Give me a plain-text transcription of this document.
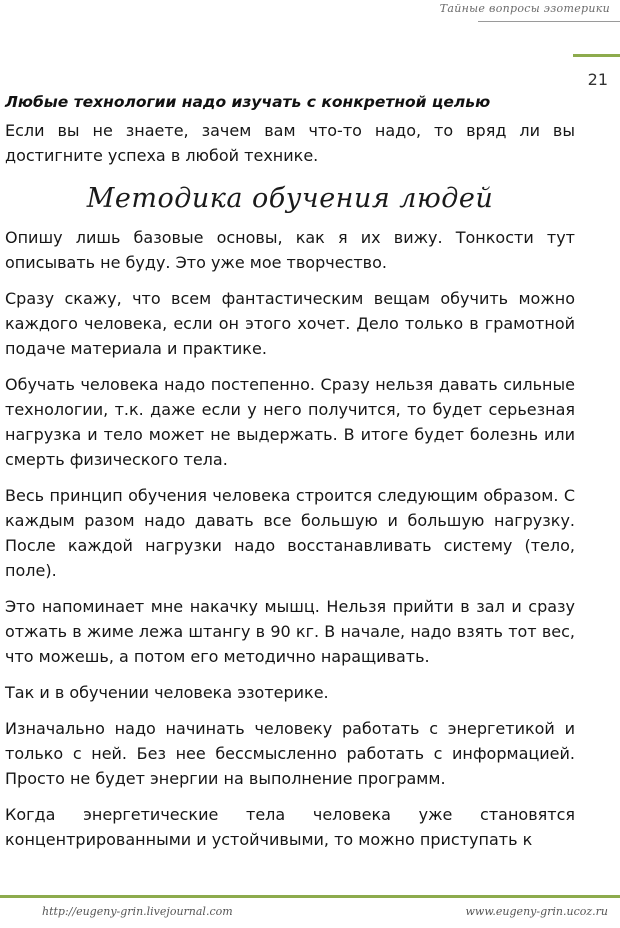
Тайные вопросы эзотерики
21
Любые технологии надо изучать с конкретной целью

Если вы не знаете, зачем вам что-то надо, то вряд ли вы достигните успеха в любой технике.

Методика обучения людей

Опишу лишь базовые основы, как я их вижу. Тонкости тут описывать не буду. Это уже мое творчество.

Сразу скажу, что всем фантастическим вещам обучить можно каждого человека, если он этого хочет. Дело только в грамотной подаче материала и практике.

Обучать человека надо постепенно. Сразу нельзя давать сильные технологии, т.к. даже если у него получится, то будет серьезная нагрузка и тело может не выдержать. В итоге будет болезнь или смерть физического тела.

Весь принцип обучения человека строится следующим образом. С каждым разом надо давать все большую и большую нагрузку. После каждой нагрузки надо восстанавливать систему (тело, поле).

Это напоминает мне накачку мышц. Нельзя прийти в зал и сразу отжать в жиме лежа штангу в 90 кг. В начале, надо взять тот вес, что можешь, а потом его методично наращивать.

Так и в обучении человека эзотерике.

Изначально надо начинать человеку работать с энергетикой и только с ней. Без нее бессмысленно работать с информацией. Просто не будет энергии на выполнение программ.

Когда энергетические тела человека уже становятся концентрированными и устойчивыми, то можно приступать к

http://eugeny-grin.livejournal.com	www.eugeny-grin.ucoz.ru
